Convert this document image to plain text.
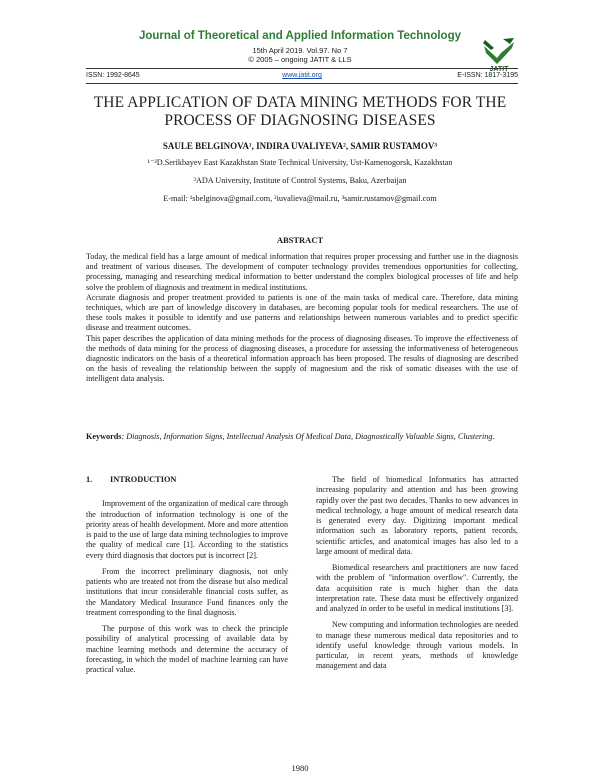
Journal of Theoretical and Applied Information Technology
15th April 2019. Vol.97. No 7
© 2005 – ongoing JATIT & LLS
JATIT
ISSN: 1992-8645	www.jatit.org	E-ISSN: 1817-3195
THE APPLICATION OF DATA MINING METHODS FOR THE
PROCESS OF DIAGNOSING DISEASES
SAULE BELGINOVA¹, INDIRA UVALIYEVA², SAMIR RUSTAMOV³
¹⁻²D.Serikbayev East Kazakhstan State Technical University, Ust-Kamenogorsk, Kazakhstan
³ADA University, Institute of Control Systems, Baku, Azerbaijan
E-mail: ¹sbelginova@gmail.com, ²iuvalieva@mail.ru, ³samir.rustamov@gmail.com
ABSTRACT

Today, the medical field has a large amount of medical information that requires proper processing and further use in the diagnosis and treatment of various diseases. The development of computer technology provides tremendous opportunities for collecting, processing, managing and researching medical information to better understand the complex biological processes of life and help solve the problem of diagnosis and treatment in medical institutions.

Accurate diagnosis and proper treatment provided to patients is one of the main tasks of medical care. Therefore, data mining techniques, which are part of knowledge discovery in databases, are becoming popular tools for medical researchers. The use of these tools makes it possible to identify and use patterns and relationships between numerous variables and to predict specific disease and treatment outcomes.

This paper describes the application of data mining methods for the process of diagnosing diseases. To improve the effectiveness of the methods of data mining for the process of diagnosing diseases, a procedure for assessing the informativeness of heterogeneous diagnostic indicators on the basis of a theoretical information approach has been proposed. The results of diagnosing are described on the basis of revealing the relationship between the supply of magnesium and the risk of somatic diseases with the use of intelligent data analysis.

Keywords: Diagnosis, Information Signs, Intellectual Analysis Of Medical Data, Diagnostically Valuable Signs, Clustering.
1. INTRODUCTION

Improvement of the organization of medical care through the introduction of information technology is one of the priority areas of health development. More and more attention is paid to the use of large data mining technologies to improve the quality of medical care [1]. According to the statistics every third diagnosis that doctors put is incorrect [2].

From the incorrect preliminary diagnosis, not only patients who are treated not from the disease but also medical institutions that incur considerable financial costs suffer, as the Mandatory Medical Insurance Fund finances only the treatment corresponding to the final diagnosis.

The purpose of this work was to check the principle possibility of analytical processing of available data by machine learning methods and determine the accuracy of forecasting, in which the model of machine learning can have practical value.

The field of biomedical Informatics has attracted increasing popularity and attention and has been growing rapidly over the past two decades. Thanks to new advances in medical technology, a huge amount of medical research data is generated every day. Digitizing important medical information such as laboratory reports, patient records, scientific articles, and anatomical images has also led to a large amount of medical data.

Biomedical researchers and practitioners are now faced with the problem of "information overflow". Currently, the data acquisition rate is much higher than the data interpretation rate. These data must be effectively organized and analyzed in order to be useful in medical institutions [3].

New computing and information technologies are needed to manage these numerous medical data repositories and to identify useful knowledge through various models. In particular, in recent years, methods of knowledge management and data

1980
